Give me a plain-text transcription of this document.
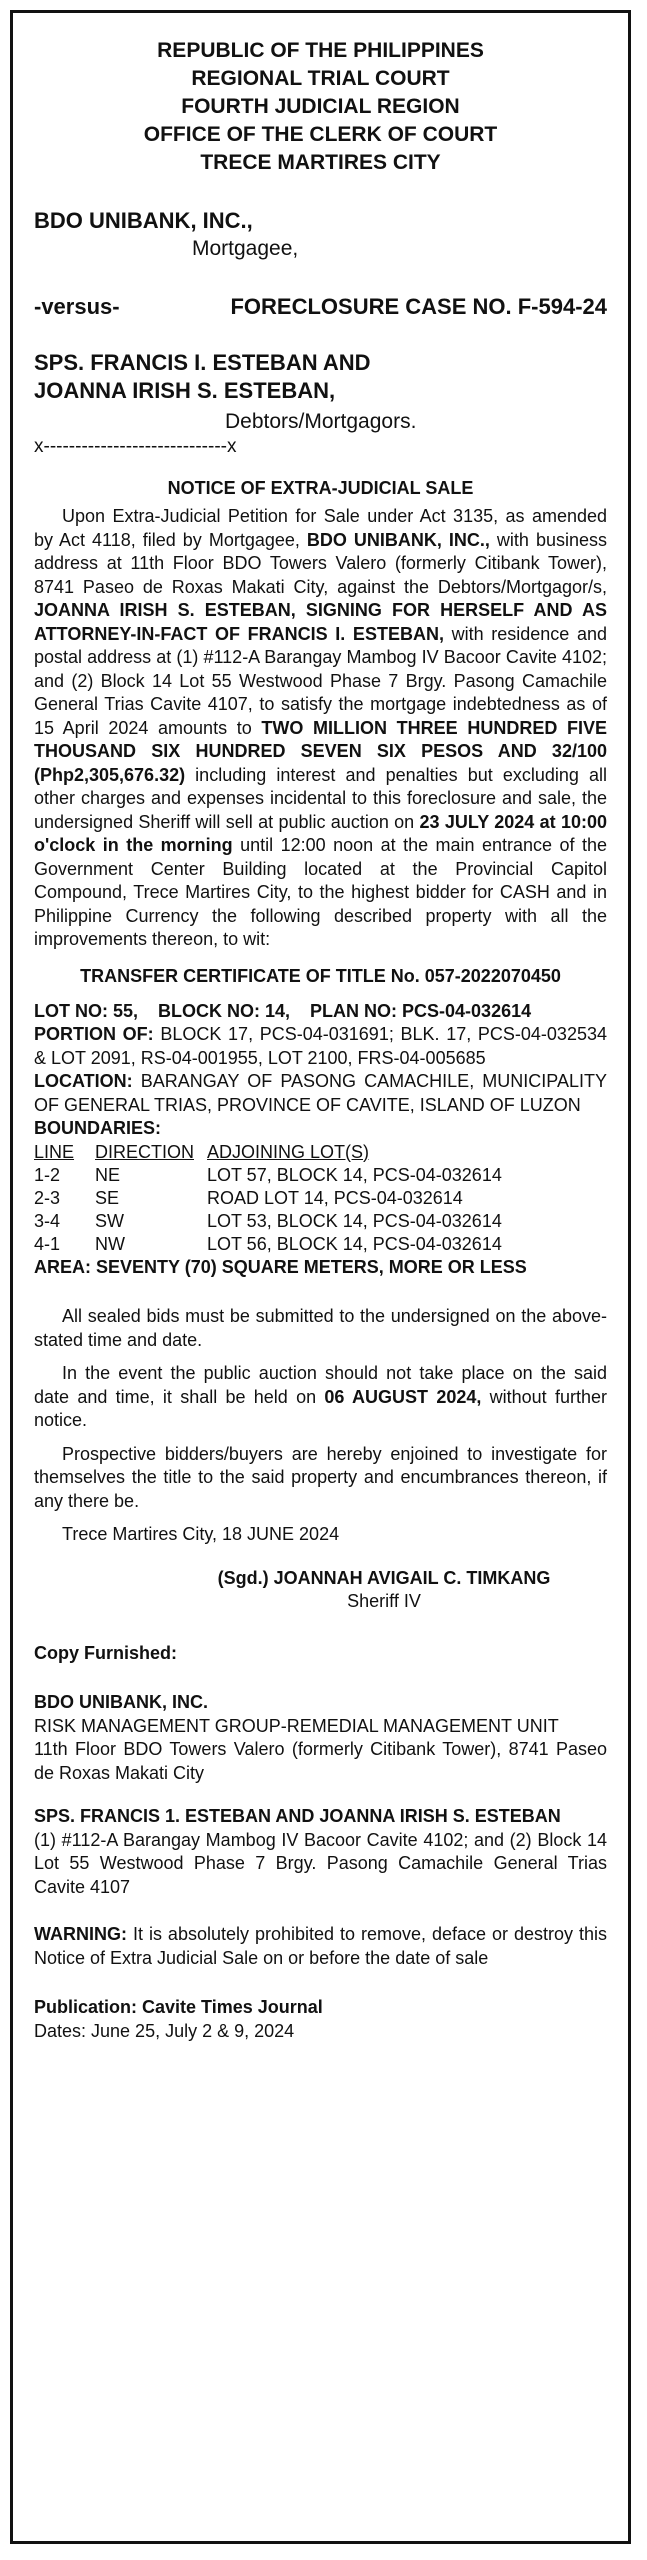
REPUBLIC OF THE PHILIPPINES
REGIONAL TRIAL COURT
FOURTH JUDICIAL REGION
OFFICE OF THE CLERK OF COURT
TRECE MARTIRES CITY
BDO UNIBANK, INC.,
Mortgagee,
-versus-	FORECLOSURE CASE NO. F-594-24
SPS. FRANCIS I. ESTEBAN AND
JOANNA IRISH S. ESTEBAN,
Debtors/Mortgagors.
x-----------------------------x
NOTICE OF EXTRA-JUDICIAL SALE

Upon Extra-Judicial Petition for Sale under Act 3135, as amended by Act 4118, filed by Mortgagee, BDO UNIBANK, INC., with business address at 11th Floor BDO Towers Valero (formerly Citibank Tower), 8741 Paseo de Roxas Makati City, against the Debtors/Mortgagor/s, JOANNA IRISH S. ESTEBAN, SIGNING FOR HERSELF AND AS ATTORNEY-IN-FACT OF FRANCIS I. ESTEBAN, with residence and postal address at (1) #112-A Barangay Mambog IV Bacoor Cavite 4102; and (2) Block 14 Lot 55 Westwood Phase 7 Brgy. Pasong Camachile General Trias Cavite 4107, to satisfy the mortgage indebtedness as of 15 April 2024 amounts to TWO MILLION THREE HUNDRED FIVE THOUSAND SIX HUNDRED SEVEN SIX PESOS AND 32/100 (Php2,305,676.32) including interest and penalties but excluding all other charges and expenses incidental to this foreclosure and sale, the undersigned Sheriff will sell at public auction on 23 JULY 2024 at 10:00 o'clock in the morning until 12:00 noon at the main entrance of the Government Center Building located at the Provincial Capitol Compound, Trece Martires City, to the highest bidder for CASH and in Philippine Currency the following described property with all the improvements thereon, to wit:

TRANSFER CERTIFICATE OF TITLE No. 057-2022070450
LOT NO: 55,    BLOCK NO: 14,    PLAN NO: PCS-04-032614

PORTION OF: BLOCK 17, PCS-04-031691; BLK. 17, PCS-04-032534 & LOT 2091, RS-04-001955, LOT 2100, FRS-04-005685

LOCATION: BARANGAY OF PASONG CAMACHILE, MUNICIPALITY OF GENERAL TRIAS, PROVINCE OF CAVITE, ISLAND OF LUZON

BOUNDARIES:
LINE	DIRECTION	ADJOINING LOT(S)
1-2	NE	LOT 57, BLOCK 14, PCS-04-032614
2-3	SE	ROAD LOT 14, PCS-04-032614
3-4	SW	LOT 53, BLOCK 14, PCS-04-032614
4-1	NW	LOT 56, BLOCK 14, PCS-04-032614
AREA: SEVENTY (70) SQUARE METERS, MORE OR LESS

All sealed bids must be submitted to the undersigned on the above-stated time and date.

In the event the public auction should not take place on the said date and time, it shall be held on 06 AUGUST 2024, without further notice.

Prospective bidders/buyers are hereby enjoined to investigate for themselves the title to the said property and encumbrances thereon, if any there be.

Trece Martires City, 18 JUNE 2024

(Sgd.) JOANNAH AVIGAIL C. TIMKANG
Sheriff IV
Copy Furnished:
BDO UNIBANK, INC.
RISK MANAGEMENT GROUP-REMEDIAL MANAGEMENT UNIT

11th Floor BDO Towers Valero (formerly Citibank Tower), 8741 Paseo de Roxas Makati City

SPS. FRANCIS 1. ESTEBAN AND JOANNA IRISH S. ESTEBAN

(1) #112-A Barangay Mambog IV Bacoor Cavite 4102; and (2) Block 14 Lot 55 Westwood Phase 7 Brgy. Pasong Camachile General Trias Cavite 4107

WARNING: It is absolutely prohibited to remove, deface or destroy this Notice of Extra Judicial Sale on or before the date of sale

Publication: Cavite Times Journal
Dates: June 25, July 2 & 9, 2024
